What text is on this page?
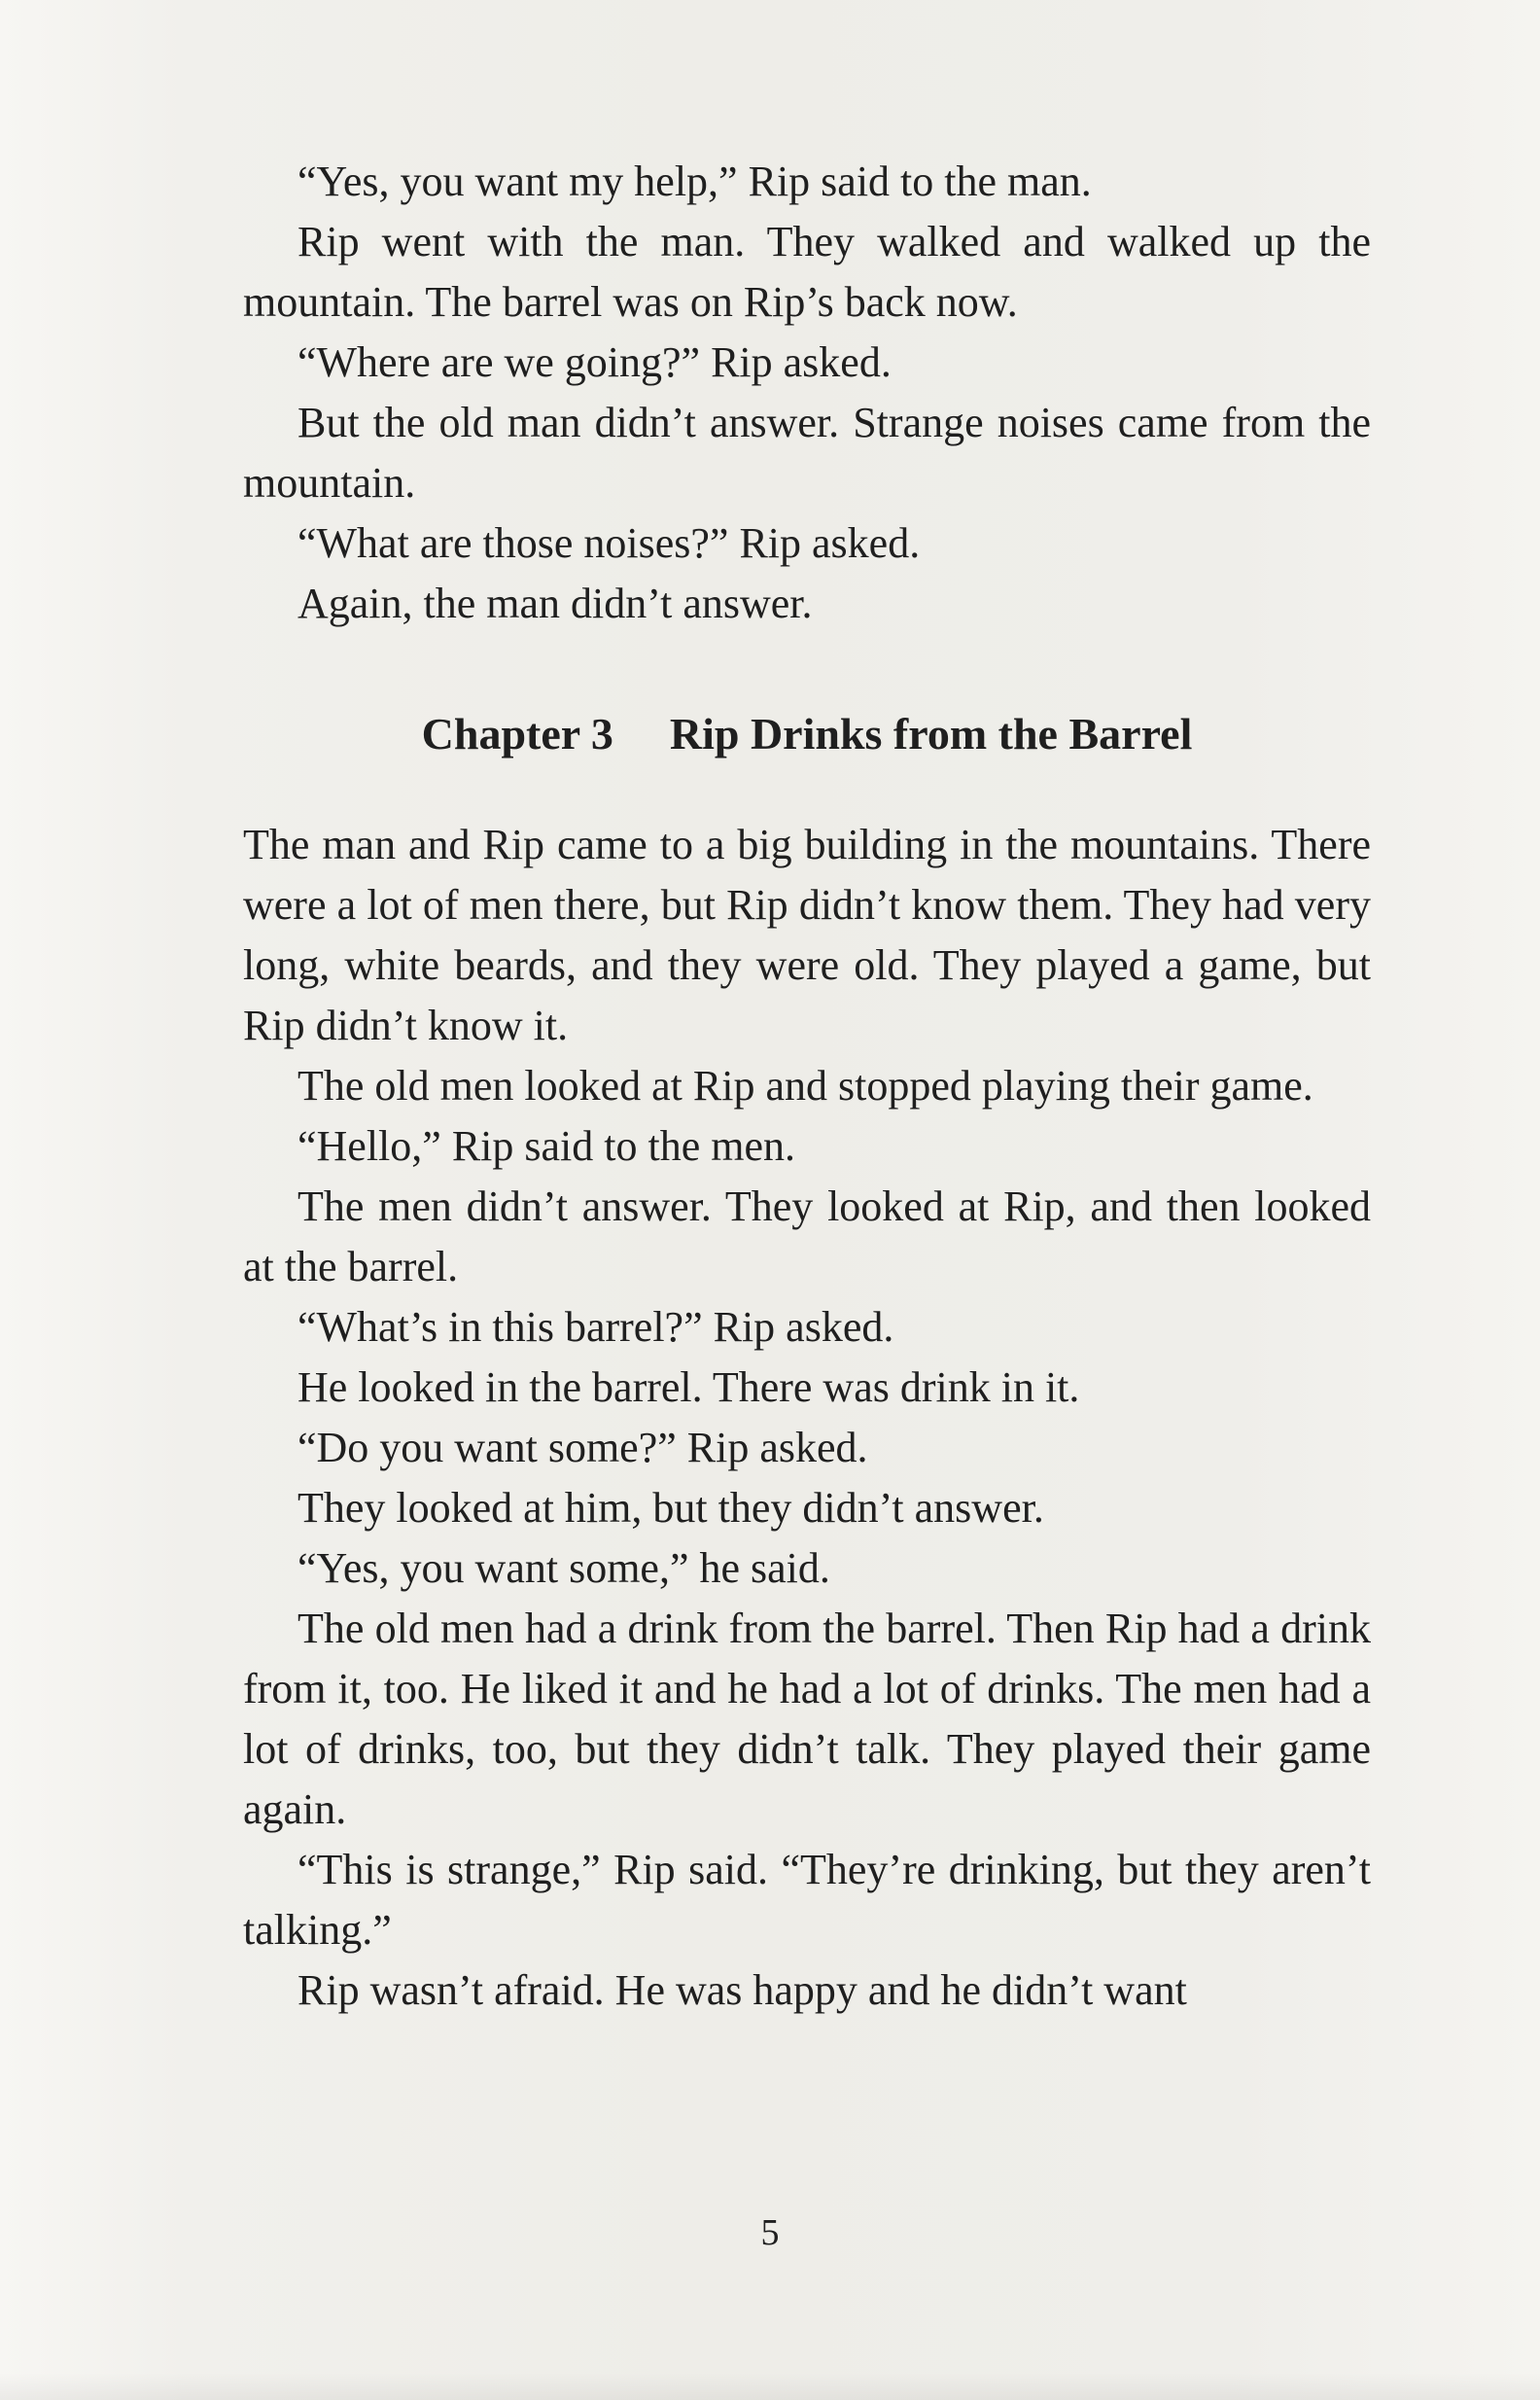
“Yes, you want my help,” Rip said to the man.

Rip went with the man. They walked and walked up the mountain. The barrel was on Rip’s back now.

“Where are we going?” Rip asked.

But the old man didn’t answer. Strange noises came from the mountain.

“What are those noises?” Rip asked.

Again, the man didn’t answer.

Chapter 3 Rip Drinks from the Barrel

The man and Rip came to a big building in the mountains. There were a lot of men there, but Rip didn’t know them. They had very long, white beards, and they were old. They played a game, but Rip didn’t know it.

The old men looked at Rip and stopped playing their game.

“Hello,” Rip said to the men.

The men didn’t answer. They looked at Rip, and then looked at the barrel.

“What’s in this barrel?” Rip asked.

He looked in the barrel. There was drink in it.

“Do you want some?” Rip asked.

They looked at him, but they didn’t answer.

“Yes, you want some,” he said.

The old men had a drink from the barrel. Then Rip had a drink from it, too. He liked it and he had a lot of drinks. The men had a lot of drinks, too, but they didn’t talk. They played their game again.

“This is strange,” Rip said. “They’re drinking, but they aren’t talking.”

Rip wasn’t afraid. He was happy and he didn’t want

5
